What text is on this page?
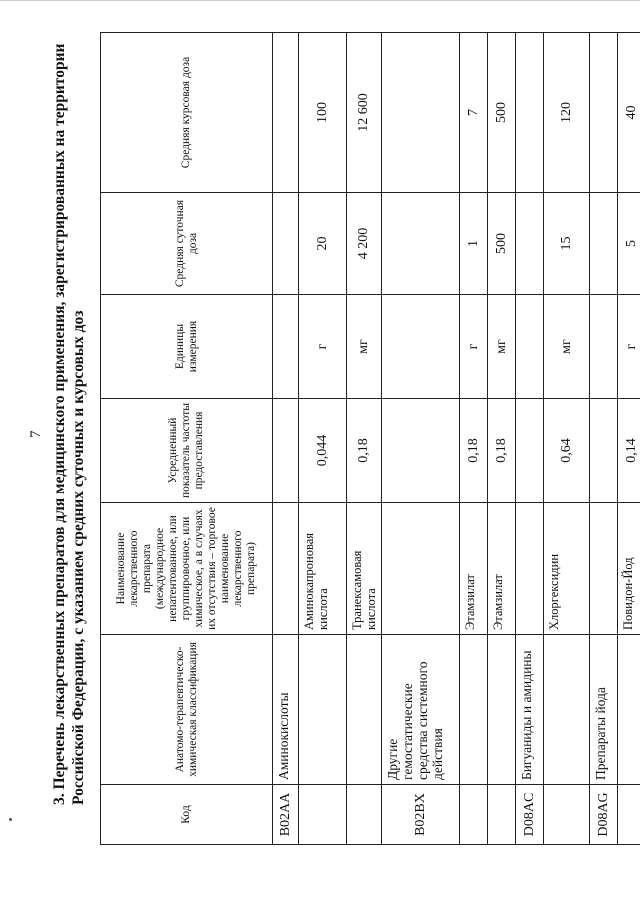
7 3. Перечень лекарственных препаратов для медицинского применения, зарегистрированных на территории Российской Федерации, с указанием средних суточных и курсовых доз
Код	Анатомо-терапевтическо-химическая классификация	Наименование лекарственного препарата (международное непатентованное, или группировочное, или химическое, а в случаях их отсутствия – торговое наименование лекарственного препарата)	Усредненный показатель частоты предоставления	Единицы измерения	Средняя суточная доза	Средняя курсовая доза
B02AA	Аминокислоты					
		Аминокапроновая кислота	0,044	г	20	100
		Транексамовая кислота	0,18	мг	4 200	12 600
B02BX	Другие гемостатические средства системного действия					
		Этамзилат	0,18	г	1	7
		Этамзилат	0,18	мг	500	500
D08AC	Бигуаниды и амидины					
		Хлоргексидин	0,64	мг	15	120
D08AG	Препараты йода					
		Повидон-Йод	0,14	г	5	40
